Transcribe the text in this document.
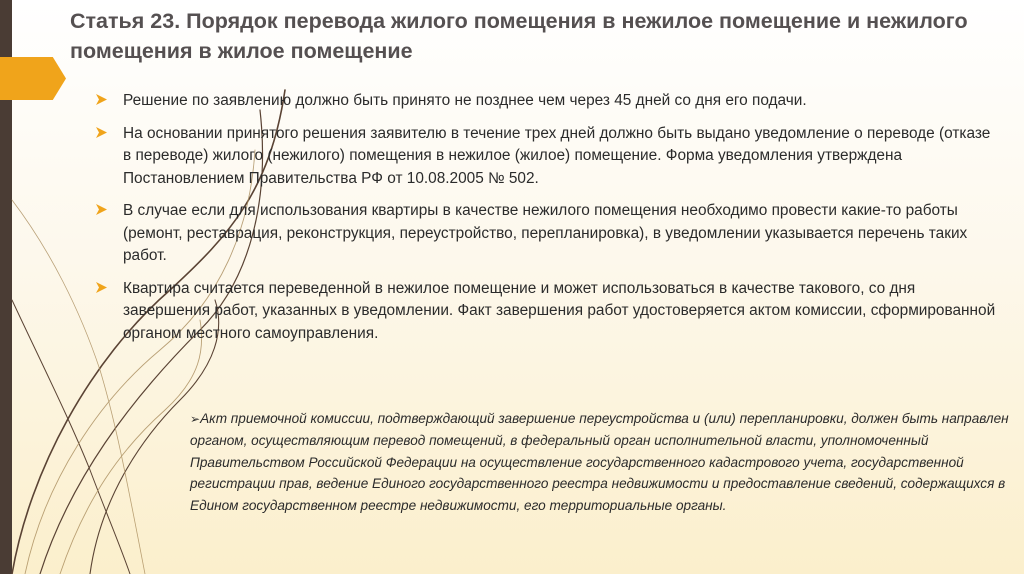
Статья 23. Порядок перевода жилого помещения в нежилое помещение и нежилого помещения в жилое помещение
Решение по заявлению должно быть принято не позднее чем через 45 дней со дня его подачи.
На основании принятого решения заявителю в течение трех дней должно быть выдано уведомление о переводе (отказе в переводе) жилого (нежилого) помещения в нежилое (жилое) помещение. Форма уведомления утверждена Постановлением Правительства РФ от 10.08.2005 № 502.
В случае если для использования квартиры в качестве нежилого помещения необходимо провести какие-то работы (ремонт, реставрация, реконструкция, переустройство, перепланировка), в уведомлении указывается перечень таких работ.
Квартира считается переведенной в нежилое помещение и может использоваться в качестве такового, со дня завершения работ, указанных в уведомлении. Факт завершения работ удостоверяется актом комиссии, сформированной органом местного самоуправления.

➢Акт приемочной комиссии, подтверждающий завершение переустройства и (или) перепланировки, должен быть направлен органом, осуществляющим перевод помещений, в федеральный орган исполнительной власти, уполномоченный Правительством Российской Федерации на осуществление государственного кадастрового учета, государственной регистрации прав, ведение Единого государственного реестра недвижимости и предоставление сведений, содержащихся в Едином государственном реестре недвижимости, его территориальные органы.
